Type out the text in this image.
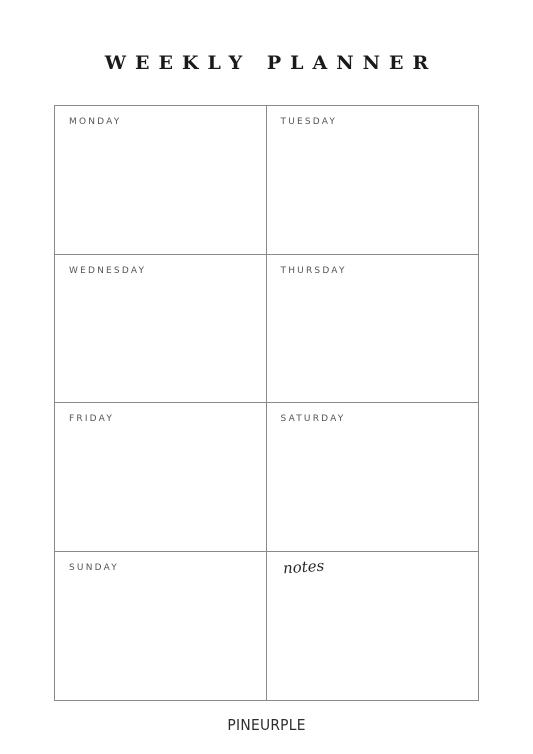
WEEKLY PLANNER
MONDAY	TUESDAY
WEDNESDAY	THURSDAY
FRIDAY	SATURDAY
SUNDAY	notes
PINEURPLE
